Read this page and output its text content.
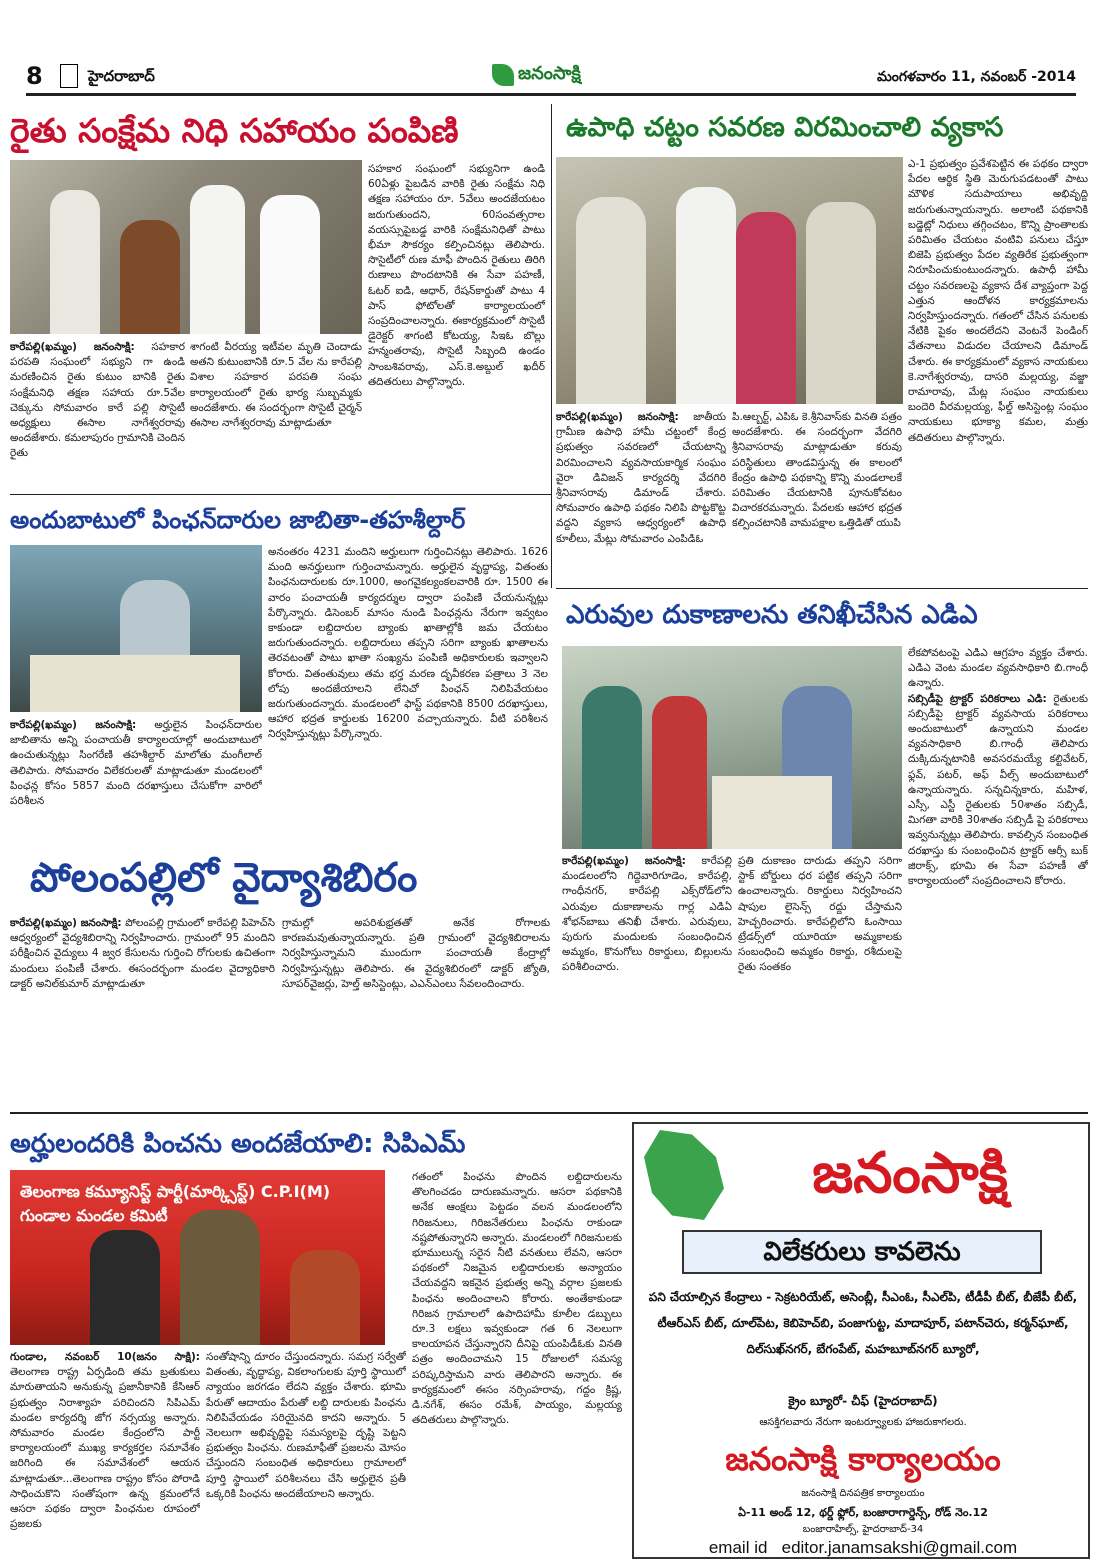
8	హైదరాబాద్	జనంసాక్షి	మంగళవారం 11, నవంబర్ -2014
రైతు సంక్షేమ నిధి సహాయం పంపిణి
సహకార సంఘంలో సభ్యునిగా ఉండి 60ఏళ్లు పైబడిన వారికి రైతు సంక్షేమ నిధి తక్షణ సహాయం రూ. 5వేలు అందజేయటం జరుగుతుందని, 60సంవత్సరాల వయస్సుపైబడ్డ వారికి సంక్షేమనిధితో పాటు భీమా సౌకర్యం కల్పించినట్లు తెలిపారు. సొసైటీలో రుణ మాఫీ పొందిన రైతులు తిరిగి రుణాలు పొందటానికి ఈ సేవా పహణీ, ఓటర్ ఐడి, ఆధార్, రేషన్‌కార్డుతో పాటు 4 పాస్ ఫోటోలతో కార్యాలయంలో సంప్రదించాలన్నారు. ఈకార్యక్రమంలో సొసైటీ డైరెక్టర్ శాగంటి కోటయ్య, సిఇఓ బొల్లు హన్మంతరావు, సొసైటీ సిబ్బంది ఉండం సాంబశివరావు, ఎస్.కె.అబ్దుల్ ఖదీర్ తదితరులు పాల్గొన్నారు.
కారేపల్లి(ఖమ్మం) జనంసాక్షి: సహకార పరపతి సంఘంలో సభ్యుని గా ఉండి మరణించిన రైతు కుటుం బానికి రైతు సంక్షేమనిధి తక్షణ సహాయ రూ.5వేల చెక్కును సోమవారం కారే పల్లి సొసైటీ అధ్యక్షులు ఈసాల నాగేశ్వరరావు అందజేశారు. కమలాపురం గ్రామానికి చెందిన రైతు
శాగంటి వీరయ్య ఇటీవల మృతి చెందాడు అతని కుటుంబానికి రూ.5 వేల ను కారేపల్లి విశాల సహకార పరపతి సంఘ కార్యాలయంలో రైతు భార్య సుబ్బమ్మకు అందజేశారు. ఈ సందర్భంగా సొసైటీ చైర్మన్ ఈసాల నాగేశ్వరరావు మాట్లాడుతూ
ఉపాధి చట్టం సవరణ విరమించాలి వ్యకాస
ఎ-1 ప్రభుత్వం ప్రవేశపెట్టిన ఈ పథకం ద్వారా పేదల ఆర్థిక స్థితి మెరుగుపడటంతో పాటు మౌళిక సదుపాయాలు అభివృద్ది జరుగుతున్నాయన్నారు. అలాంటి పథకానికి బడ్జెట్లో నిధులు తగ్గించటం, కొన్ని ప్రాంతాలకు పరిమితం చేయటం వంటివి పనులు చేస్తూ బిజెపి ప్రభుత్వం పేదల వ్యతిరేక ప్రభుత్వంగా నిరూపించుకుంటుందన్నారు. ఉపాధీ హామీ చట్టం సవరణలపై వ్యకాస దేశ వ్యాప్తంగా పెద్ద ఎత్తున ఆందోళన కార్యక్రమాలను నిర్వహిస్తుందన్నారు. గతంలో చేసిన పనులకు నేటికి పైకం అందలేదని వెంటనే పెండింగ్ వేతనాలు విడుదల చేయాలని డిమాండ్ చేశారు. ఈ కార్యక్రమంలో వ్యకాస నాయకులు కె.నాగేశ్వరరావు, దాసరి మల్లయ్య, వజ్జా రామారావు, మేట్ల సంఘం నాయకులు బందెరి వీరమల్లయ్య, ఫీల్డ్ అసిస్టెంట్ల సంఘం నాయకులు భూక్యా కమల, మత్రు తదితరులు పాల్గొన్నారు.
కారేపల్లి(ఖమ్మం) జనంసాక్షి: జాతీయ గ్రామీణ ఉపాధి హామీ చట్టంలో కేంద్ర ప్రభుత్వం సవరణలో చేయటాన్ని విరమించాలని వ్యవసాయకార్మిక సంఘం వైరా డివిజన్ కార్యదర్శి వేదగిరి శ్రీనివాసరావు డిమాండ్ చేశారు. సోమవారం ఉపాధి పథకం నిలిపి పొట్టకొట్ట వద్దని వ్యకాస ఆధ్వర్యంలో ఉపాధి కూలీలు, మేట్లు సోమవారం ఎంపిడిఓ
పి.ఆల్బర్ట్, ఎపిఓ కె.శ్రీనివాస్‌కు వినతి పత్రం అందజేశారు. ఈ సందర్భంగా వేదగిరి శ్రీనివాసరావు మాట్లాడుతూ కరువు పరిస్థితులు తాండవిస్తున్న ఈ కాలంలో కేంద్రం ఉపాధి పథకాన్ని కొన్ని మండలాలకే పరిమితం చేయటానికి పూనుకోవటం విచారకరమన్నారు. పేదలకు ఆహార భద్రత కల్పించటానికి వామపక్షాల ఒత్తిడితో యుపి
అందుబాటులో పింఛన్‌దారుల జాబితా-తహశీల్దార్
అనంతరం 4231 మందిని అర్హులుగా గుర్తించినట్లు తెలిపారు. 1626 మంది అనర్హులుగా గుర్తించామన్నారు. అర్హులైన వృద్ధాప్య, వితంతు పింఛనుదారులకు రూ.1000, అంగవైకల్యంకలవారికి రూ. 1500 ఈ వారం పంచాయతీ కార్యదర్శుల ద్వారా పంపిణి చేయనున్నట్లు పేర్కొన్నారు. డిసెంబర్ మాసం నుండి పింఛన్లను నేరుగా ఇవ్వటం కాకుండా లబ్దిదారుల బ్యాంకు ఖాతాల్లోకి జమ చేయటం జరుగుతుందన్నారు. లబ్దిదారులు తప్పని సరిగా బ్యాంకు ఖాతాలను తెరవటంతో పాటు ఖాతా సంఖ్యను పంపిణి అధికారులకు ఇవ్వాలని కోరారు. వితంతువులు తమ భర్త మరణ దృవీకరణ పత్రాలు 3 నెల లోపు అందజేయాలని లేనిచో పింఛన్ నిలిపివేయటం జరుగుతుందన్నారు. మండలంలో ఫాస్ట్ పథకానికి 8500 దరఖాస్తులు, ఆహార భద్రత కార్డులకు 16200 వచ్చాయన్నారు. వీటి పరిశీలన నిర్వహిస్తున్నట్లు పేర్కొన్నారు.
కారేపల్లి(ఖమ్మం) జనంసాక్షి: అర్హులైన పింఛన్‌దారుల జాబితాను అన్ని పంచాయతీ కార్యాలయాల్లో అందుబాటులో ఉంచుతున్నట్లు సింగరేణి తహశీల్దార్ మాలోతు మంగీలాల్ తెలిపారు. సోమవారం విలేకరులతో మాట్లాడుతూ మండలంలో పింఛన్ల కోసం 5857 మంది దరఖాస్తులు చేసుకోగా వారిలో పరిశీలన
ఎరువుల దుకాణాలను తనిఖీచేసిన ఎడిఎ
లేకపోవటంపై ఎడిఎ ఆగ్రహం వ్యక్తం చేశారు. ఎడిఎ వెంట మండల వ్యవసాధికారి బి.గాంధీ ఉన్నారు.
సబ్సిడీపై ట్రాక్టర్ పరికరాలు ఎడి: రైతులకు సబ్సిడీపై ట్రాక్టర్ వ్యవసాయ పరికరాలు అందుబాటులో ఉన్నాయని మండల వ్యవసాధికారి బి.గాంధీ తెలిపారు దుక్కిదున్నటానికి అవసరమయ్యే కల్టివేటర్, ఫ్లవ్, పటర్, అఫ్ వీల్స్ అందుబాటులో ఉన్నాయన్నారు. సన్నచిన్నకారు, మహిళ, ఎస్సీ, ఎస్టీ రైతులకు 50శాతం సబ్సిడీ, మిగతా వారికి 30శాతం సబ్సిడీ పై పరికరాలు ఇవ్వనున్నట్లు తెలిపారు. కావల్సిన సంబంధిత దరఖాస్తు కు సంబంధించిన ట్రాక్టర్ ఆర్సీ బుక్ జిరాక్స్, భూమి ఈ సేవా పహణీ తో కార్యాలయంలో సంప్రదించాలని కోరారు.
కారేపల్లి(ఖమ్మం) జనంసాక్షి: కారేపల్లి మండలంలోని గిద్దెవారిగూడెం, కారేపల్లి, గాంధీనగర్, కారేపల్లి ఎక్స్‌రోడ్‌లోని ఎరువుల దుకాణాలను గార్ల ఎడిఏ శోభన్‌బాబు తనిఖీ చేశారు. ఎరువులు, పురుగు మందులకు సంబంధించిన అమ్మకం, కొనుగోలు రికార్డులు, బిల్లులను పరిశీలించారు.
ప్రతి దుకాణం దారుడు తప్పని సరిగా స్టాక్ బోర్డులు ధర పట్టిక తప్పని సరిగా ఉంచాలన్నారు. రికార్డులు నిర్వహించని షాపుల లైసెన్స్ రద్దు చేస్తామని హెచ్చరించారు. కారేపల్లిలోని ఓంసాయి ట్రేడర్స్‌లో యూరియా అమ్మకాలకు సంబంధించి అమ్మకం రికార్డు, రశీదులపై రైతు సంతకం
పోలంపల్లిలో వైద్యాశిబిరం
కారేపల్లి(ఖమ్మం) జనంసాక్షి: పోలంపల్లి గ్రామంలో కారేపల్లి పిహెచ్‌సి ఆధ్వర్యంలో వైద్యశిబిరాన్ని నిర్వహించారు. గ్రామంలో 95 మందిని పరీక్షించిన వైద్యులు 4 జ్వర కేసులను గుర్తించి రోగులకు ఉచితంగా మందులు పంపిణీ చేశారు. ఈసందర్భంగా మండల వైద్యాధికారి డాక్టర్ అనిల్‌కుమార్ మాట్లాడుతూ
గ్రామల్లో అపరిశుభ్రతతో అనేక రోగాలకు కారణమవుతున్నాయన్నారు. ప్రతి గ్రామంలో వైద్యశిబిరాలను నిర్వహిస్తున్నామని ముందుగా పంచాయతీ కేంద్రాల్లో నిర్వహిస్తున్నట్లు తెలిపారు. ఈ వైద్యశిబిరంలో డాక్టర్ జ్యోతి, సూపర్‌వైజర్లు, హెల్త్ అసిస్టెంట్లు, ఎఎన్‌ఎంలు సేవలందించారు.
అర్హులందరికి పించను అందజేయాలి: సిపిఎమ్
తెలంగాణ కమ్యూనిస్ట్ పార్టీ(మార్క్సిస్ట్) C.P.I(M) గుండాల మండల కమిటీ
గుండాల, నవంబర్ 10(జనం సాక్షి): తెలంగాణ రాష్ట్ర ఏర్పడింది తమ బ్రతుకులు మారుతాయని అనుకున్న ప్రజానీకానికి కేసిఆర్ ప్రభుత్వం నిరాశ్యాహ పరిచిందని సిపిఎమ్ మండల కార్యదర్శి జోగ నర్సయ్య అన్నారు. సోమవారం మండల కేంద్రంలోని పార్టీ కార్యాలయంలో ముఖ్య కార్యకర్తల సమావేశం జరిగింది ఈ సమావేశంలో ఆయన మాట్లాడుతూ...తెలంగాణ రాష్ట్రం కోసం పోరాడి సాధించుకొని సంతోషంగా ఉన్న క్రమంలోనే ఆసరా పథకం ద్వారా పింఛనుల రూపంలో ప్రజలకు
సంతోషాన్ని దూరం చేస్తుందన్నారు. సమగ్ర సర్వేతో వితంతు, వృద్ధాప్య, వికలాంగులకు పూర్తి స్థాయిలో న్యాయం జరగడం లేదని వ్యక్తం చేశారు. భూమి పేరుతో ఆదాయం పేరుతో లబ్ది దారులకు పింఛను నిలిపివేయడం సరియైనది కాదని అన్నారు. 5 నెలలుగా అభివృద్ధిపై సమస్యలపై దృష్టి పెట్టని ప్రభుత్వం పింఛను. రుణమాఫీతో ప్రజలను మోసం చేస్తుందని సంబంధిత అధికారులు గ్రామాలలో పూర్తి స్థాయిలో పరిశీలనలు చేసి అర్హులైన ప్రతీ ఒక్కరికి పింఛను అందజేయాలని అన్నారు.
గతంలో పింఛను పొందిన లబ్దిదారులను తొలగించడం దారుణమన్నారు. ఆసరా పథకానికి అనేక ఆంక్షలు పెట్టడం వలన మండలంలోని గిరిజనులు, గిరిజనేతరులు పింఛను రాకుండా నష్టపోతున్నారని అన్నారు. మండలంలో గిరిజనులకు భూములున్న సరైన నీటి వనతులు లేవని, ఆసరా పథకంలో నిజమైన లబ్దిదారులకు అన్యాయం చేయవద్దని ఇకనైన ప్రభుత్వ అన్ని వర్గాల ప్రజలకు పింఛను అందించాలని కోరారు. అంతేకాకుండా గిరిజన గ్రామాలలో ఉపాదిహామీ కూలీల డబ్బులు రూ.3 లక్షలు ఇవ్వకుండా గత 6 నెలలుగా కాలయాపన చేస్తున్నారని దీనిపై యంపిడీఓకు వినతి పత్రం అందించామని 15 రోజులలో సమస్య పరిష్కరిస్తామని వారు తెలిపారని అన్నారు. ఈ కార్యక్రమంలో ఈసం నర్సింహరావు, గద్దం క్రిష్ణ, డి.నగేశ్, ఈసం రమేశ్, పాయ్యం, మల్లయ్య తదితరులు పాల్గొన్నారు.
జనంసాక్షి
విలేకరులు కావలెను
పని చేయాల్సిన కేంద్రాలు - సెక్రటరియేట్, అసెంబ్లీ, సీఎంఓ, సీఎల్‌పి, టీడీపీ బీట్, బీజేపీ బీట్, టీఆర్‌ఎస్ బీట్, దూల్‌పేట, కెబిహెచ్‌బి, పంజాగుట్ట, మాదాపూర్, పటాన్‌చెరు, కర్మన్‌ఘాట్, దిల్‌సుఖ్‌నగర్, బేగంపేట్, మహబూబ్‌నగర్ బ్యూరో,
క్రైం బ్యూరో- చీఫ్ (హైదరాబాద్)
ఆసక్తిగలవారు నేరుగా ఇంటర్వ్యూలకు హాజరుకాగలరు.
జనంసాక్షి కార్యాలయం
జనంసాక్షి దినపత్రిక కార్యాలయం
ఏ-11 అండ్ 12, థర్డ్ ఫ్లోర్, బంజారాగార్డెన్స్, రోడ్ నెం.12
బంజారాహిల్స్, హైదరాబాద్-34
email id editor.janamsakshi@gmail.com
